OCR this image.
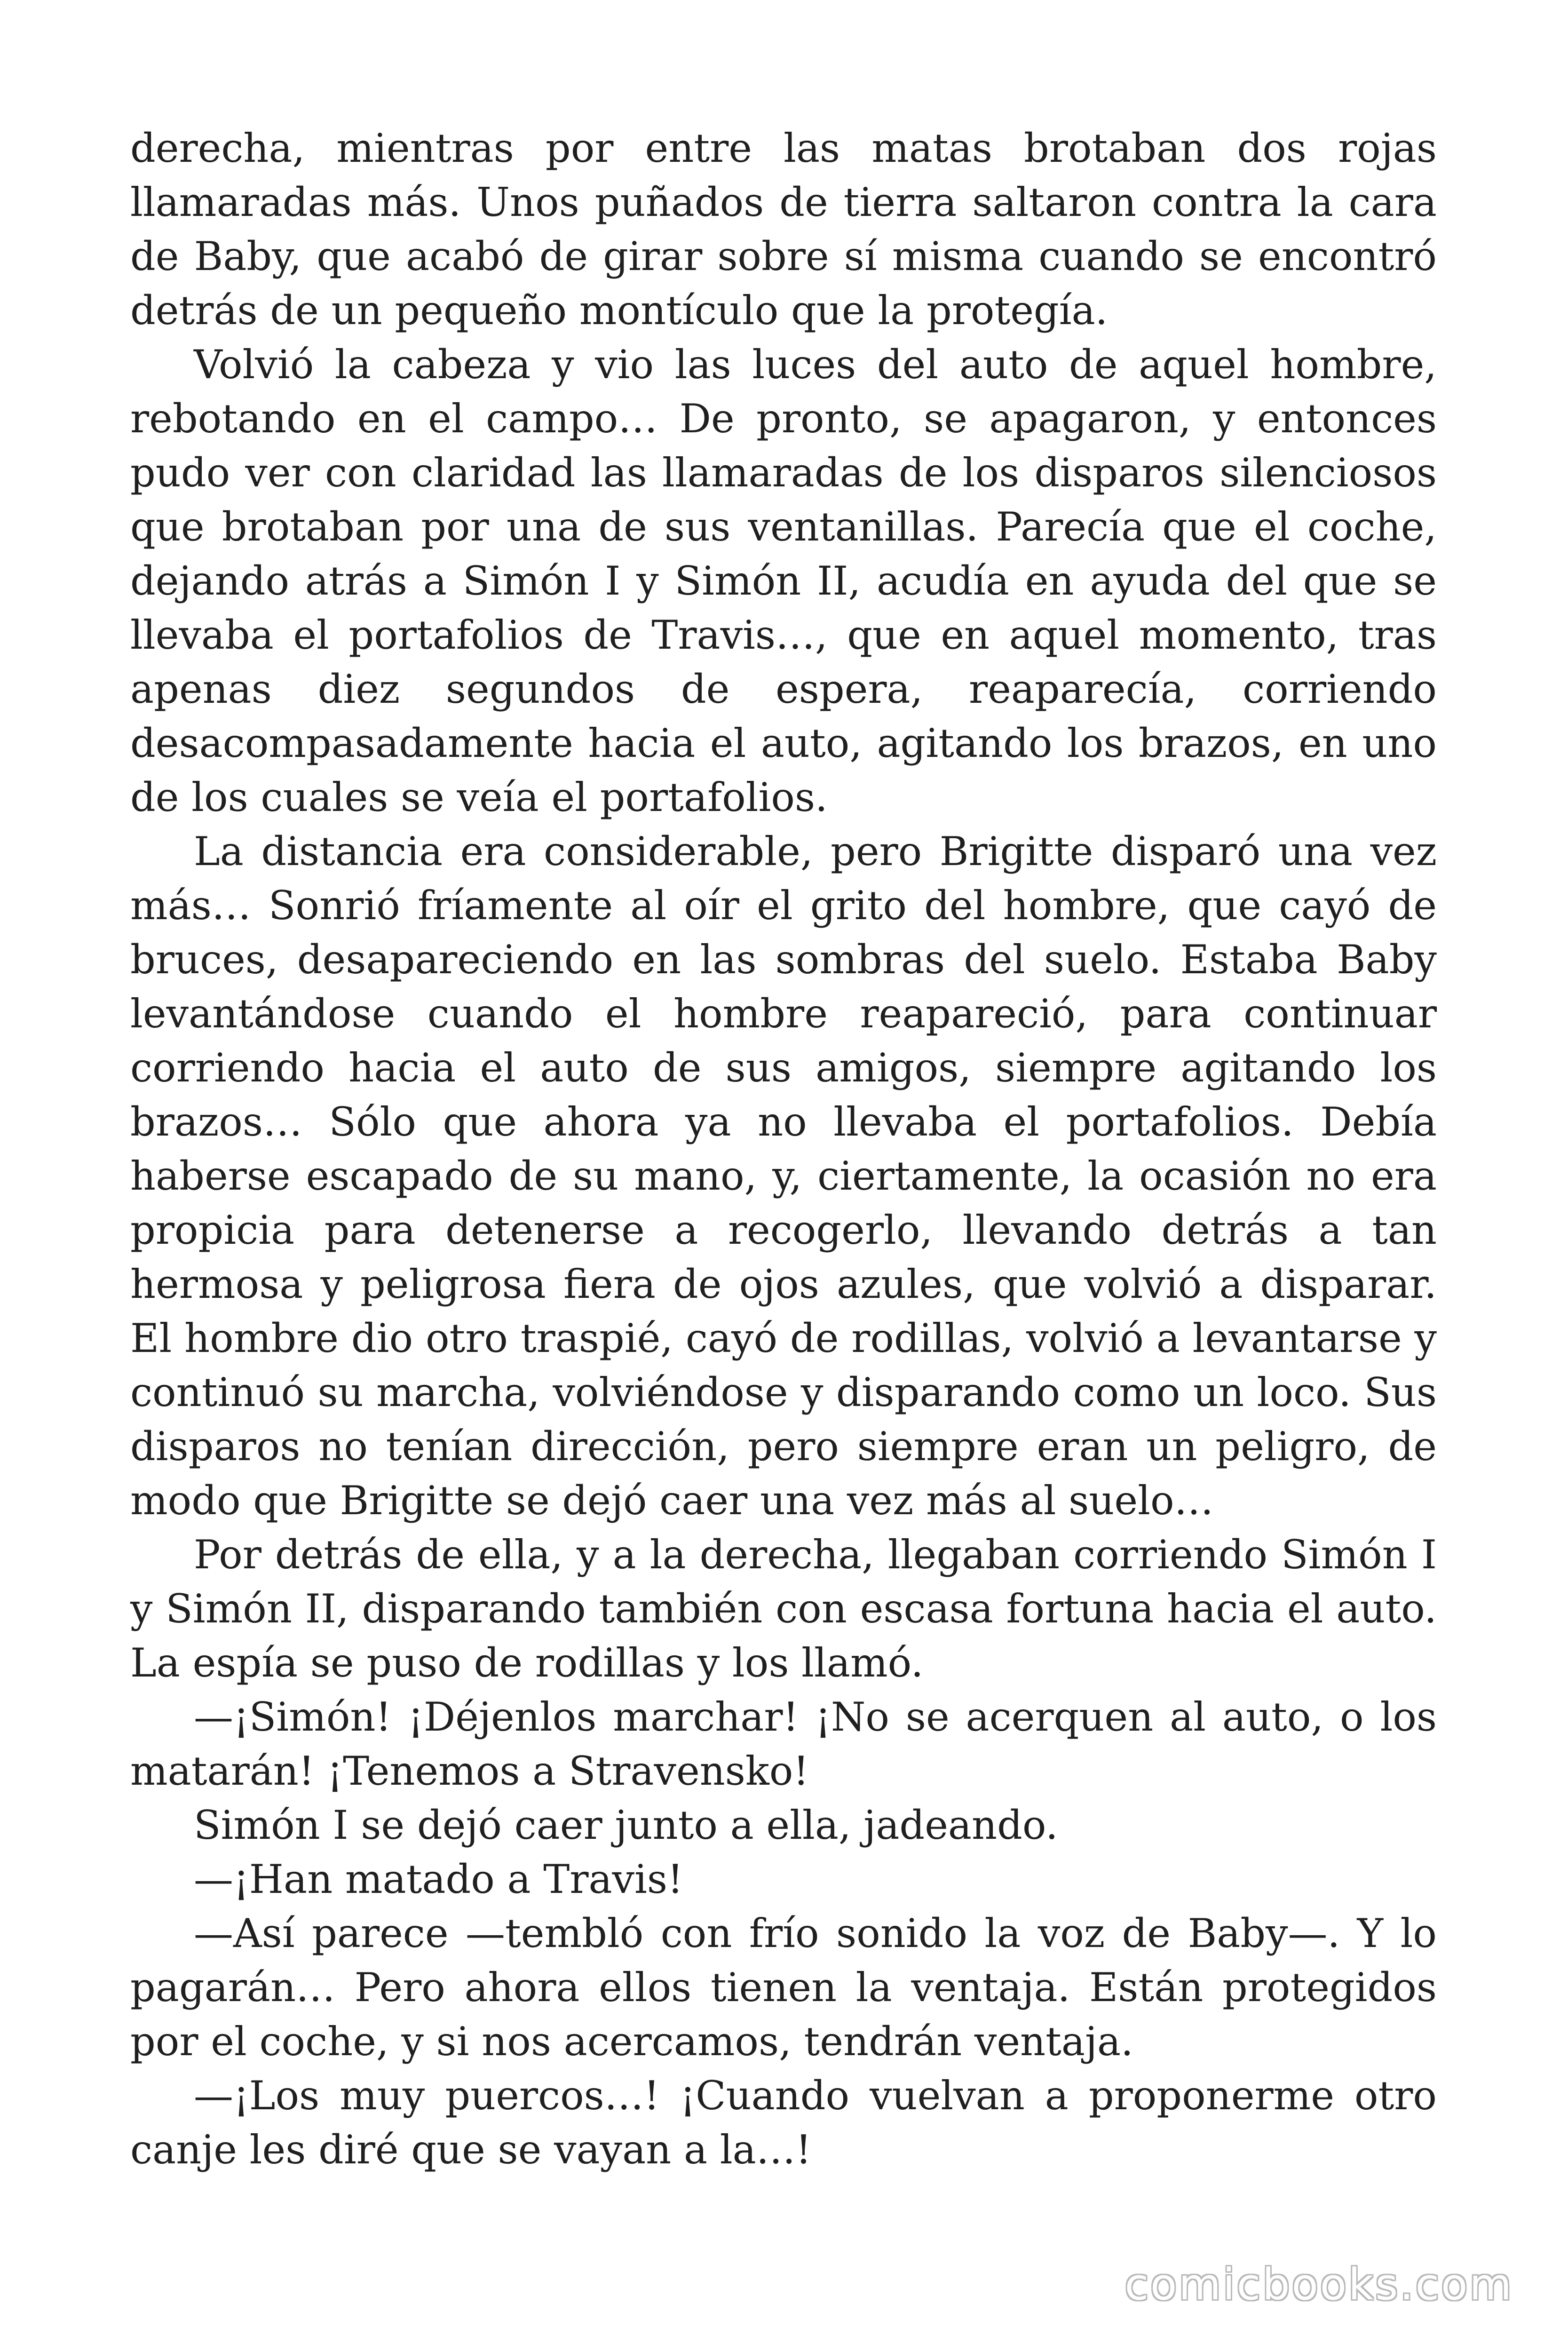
derecha, mientras por entre las matas brotaban dos rojas llamaradas más. Unos puñados de tierra saltaron contra la cara de Baby, que acabó de girar sobre sí misma cuando se encontró detrás de un pequeño montículo que la protegía.

Volvió la cabeza y vio las luces del auto de aquel hombre, rebotando en el campo… De pronto, se apagaron, y entonces pudo ver con claridad las llamaradas de los disparos silenciosos que brotaban por una de sus ventanillas. Parecía que el coche, dejando atrás a Simón I y Simón II, acudía en ayuda del que se llevaba el portafolios de Travis…, que en aquel momento, tras apenas diez segundos de espera, reaparecía, corriendo desacompasadamente hacia el auto, agitando los brazos, en uno de los cuales se veía el portafolios.

La distancia era considerable, pero Brigitte disparó una vez más… Sonrió fríamente al oír el grito del hombre, que cayó de bruces, desapareciendo en las sombras del suelo. Estaba Baby levantándose cuando el hombre reapareció, para continuar corriendo hacia el auto de sus amigos, siempre agitando los brazos… Sólo que ahora ya no llevaba el portafolios. Debía haberse escapado de su mano, y, ciertamente, la ocasión no era propicia para detenerse a recogerlo, llevando detrás a tan hermosa y peligrosa fiera de ojos azules, que volvió a disparar. El hombre dio otro traspié, cayó de rodillas, volvió a levantarse y continuó su marcha, volviéndose y disparando como un loco. Sus disparos no tenían dirección, pero siempre eran un peligro, de modo que Brigitte se dejó caer una vez más al suelo…

Por detrás de ella, y a la derecha, llegaban corriendo Simón I y Simón II, disparando también con escasa fortuna hacia el auto. La espía se puso de rodillas y los llamó.

—¡Simón! ¡Déjenlos marchar! ¡No se acerquen al auto, o los matarán! ¡Tenemos a Stravensko!

Simón I se dejó caer junto a ella, jadeando.

—¡Han matado a Travis!

—Así parece —tembló con frío sonido la voz de Baby—. Y lo pagarán… Pero ahora ellos tienen la ventaja. Están protegidos por el coche, y si nos acercamos, tendrán ventaja.

—¡Los muy puercos…! ¡Cuando vuelvan a proponerme otro canje les diré que se vayan a la…!

comicbooks.com
